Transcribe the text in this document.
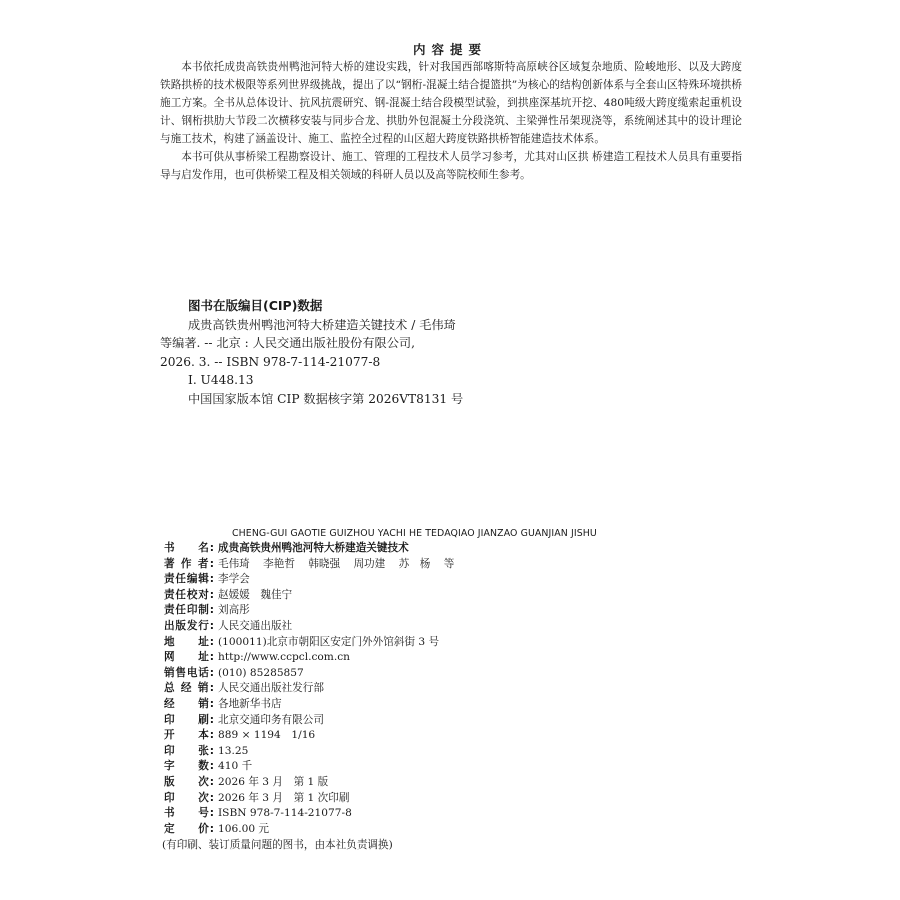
内容提要

本书依托成贵高铁贵州鸭池河特大桥的建设实践，针对我国西部喀斯特高原峡谷区域复杂地质、险峻地形、以及大跨度铁路拱桥的技术极限等系列世界级挑战，提出了以“钢桁-混凝土结合提篮拱”为核心的结构创新体系与全套山区特殊环境拱桥施工方案。全书从总体设计、抗风抗震研究、钢-混凝土结合段模型试验，到拱座深基坑开挖、480吨级大跨度缆索起重机设计、钢桁拱肋大节段二次横移安装与同步合龙、拱肋外包混凝土分段浇筑、主梁弹性吊架现浇等，系统阐述其中的设计理论与施工技术，构建了涵盖设计、施工、监控全过程的山区超大跨度铁路拱桥智能建造技术体系。

本书可供从事桥梁工程勘察设计、施工、管理的工程技术人员学习参考，尤其对山区拱 桥建造工程技术人员具有重要指导与启发作用，也可供桥梁工程及相关领域的科研人员以及高等院校师生参考。

图书在版编目(CIP)数据
成贵高铁贵州鸭池河特大桥建造关键技术 / 毛伟琦
等编著. -- 北京 : 人民交通出版社股份有限公司,
2026. 3. -- ISBN 978-7-114-21077-8
Ⅰ. U448.13
中国国家版本馆 CIP 数据核字第 2026VT8131 号
CHENG-GUI GAOTIE GUIZHOU YACHI HE TEDAQIAO JIANZAO GUANJIAN JISHU
书　　名: 成贵高铁贵州鸭池河特大桥建造关键技术
著 作 者: 毛伟琦 李艳哲 韩晓强 周功建 苏　杨 等
责任编辑: 李学会
责任校对: 赵媛媛　魏佳宁
责任印制: 刘高彤
出版发行: 人民交通出版社
地　　址: (100011)北京市朝阳区安定门外外馆斜街 3 号
网　　址: http://www.ccpcl.com.cn
销售电话: (010) 85285857
总 经 销: 人民交通出版社发行部
经　　销: 各地新华书店
印　　刷: 北京交通印务有限公司
开　　本: 889 × 1194　1/16
印　　张: 13.25
字　　数: 410 千
版　　次: 2026 年 3 月　第 1 版
印　　次: 2026 年 3 月　第 1 次印刷
书　　号: ISBN 978-7-114-21077-8
定　　价: 106.00 元
(有印刷、装订质量问题的图书，由本社负责调换)
